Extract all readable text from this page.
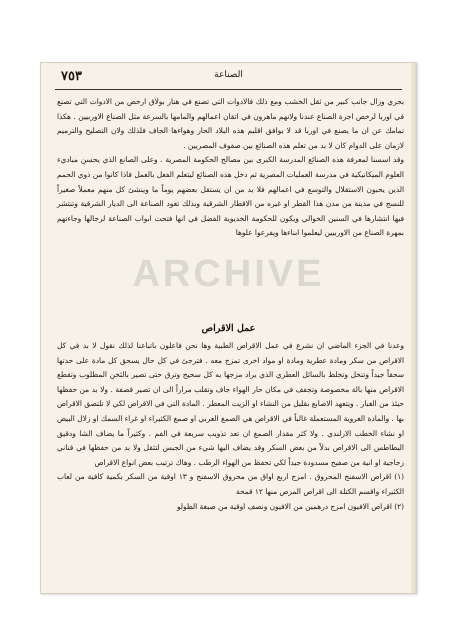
٧٥٣	الصناعة

بحري وزال جانب كبير من ثقل الخشب ومع ذلك فالادوات التي تصنع في هنار بولاق ارخص من الادوات التي تصنع في اوربا لرخص اجرة الصناع عندنا ولانهم ماهرون في اتقان اعمالهم والمامها بالسرعة مثل الصناع الاوربيين . هكذا تمامك عن ان ما يصنع في اوربا قد لا يوافق اقليم هذه البلاد الحار وهواءها الجاف فلذلك ولان التصليح والترميم لازمان على الدوام كان لا بد من تعلم هذه الصنائع بين صفوف المصريين .

وقد اسسنا لمعرفة هذه الصنائع المدرسة الكبرى بين مصالح الحكومة المصرية . وعلى الصانع الذي يحسن مباديء العلوم الميكانيكية في مدرسة العمليات المصرية ثم دخل هذه الصنائع ليتعلم الفعل بالعمل فاذا كانوا من ذوي الحمم الذين يحبون الاستقلال والتوسع في اعمالهم فلا بد من ان يستقل بعضهم يوماً ما وينشئ كل منهم معملاً صغيراً للنسج في مدينة من مدن هذا القطر او غيره من الاقطار الشرقية وبذلك تعود الصناعة الى الديار الشرقية وتنتشر فيها انتشارها في السنين الخوالي ويكون للحكومة الخديوية الفضل في انها فتحت ابواب الصناعة لرجالها وجاءتهم بمهرة الصناع من الاوربيين ليعلموا ابناءها ويفرعوا علوها

ARCHIVE
عمل الاقراص

وعدنا في الجزء الماضي ان نشرع في عمل الاقراص الطبية وها نحن فاعلون باتباعنا لذلك نقول لا بد في كل الاقراص من سكر ومادة عطرية ومادة او مواد اخرى تمزج معه . فترجئ في كل حال يسحق كل مادة على حدتها سحقاً جيداً وتنخل وتخلط بالسائل العطري الذي يراد مزجها به كل سحيح وترق حتى تصير بالثخن المطلوب وتقطع الاقراص منها بالة مخصوصة وتجفف في مكان حار الهواء جاف وتقلب مراراً الى ان تصير قصفة . ولا بد من حفظها حيئذ من الغبار . ويتعهد الاصابع بقليل من النشاء او الزيت المعطر . المادة التي في الاقراص لكي لا تلتصق الاقراص بها . والمادة الغروية المستعملة غالباً في الاقراص هي الصمغ العربي او صمغ الكثيراء او غراء السمك او زلال البيض او نشاء الخطب الارلندي . ولا كثر مقدار الصمغ ان تعد تذويب سريعة في الفم . وكثيراً ما يضاف الشا ودقيق البطاطس الى الاقراص بدلاً من بعض السكر وقد يضاف اليها شيء من الجبس لتثقل ولا بد من حفظها في قناني زجاجية او انية من صفيح مسدودة جيداً لكي تحفظ من الهواء الرطب . وهاك ترتيب بعض انواع الاقراص

(١) اقراص الاسفنج المحروق . امزج اربع اواق من محروق الاسفنج و ١٣ اوقية من السكر بكمية كافية من لعاب الكثيراء واقسم الكتلة الى اقراص المرص منها ١٢ قمحة

(٢) اقراص الافيون امزج درهمين من الافيون ونصف اوقية من صبغة الطولو
